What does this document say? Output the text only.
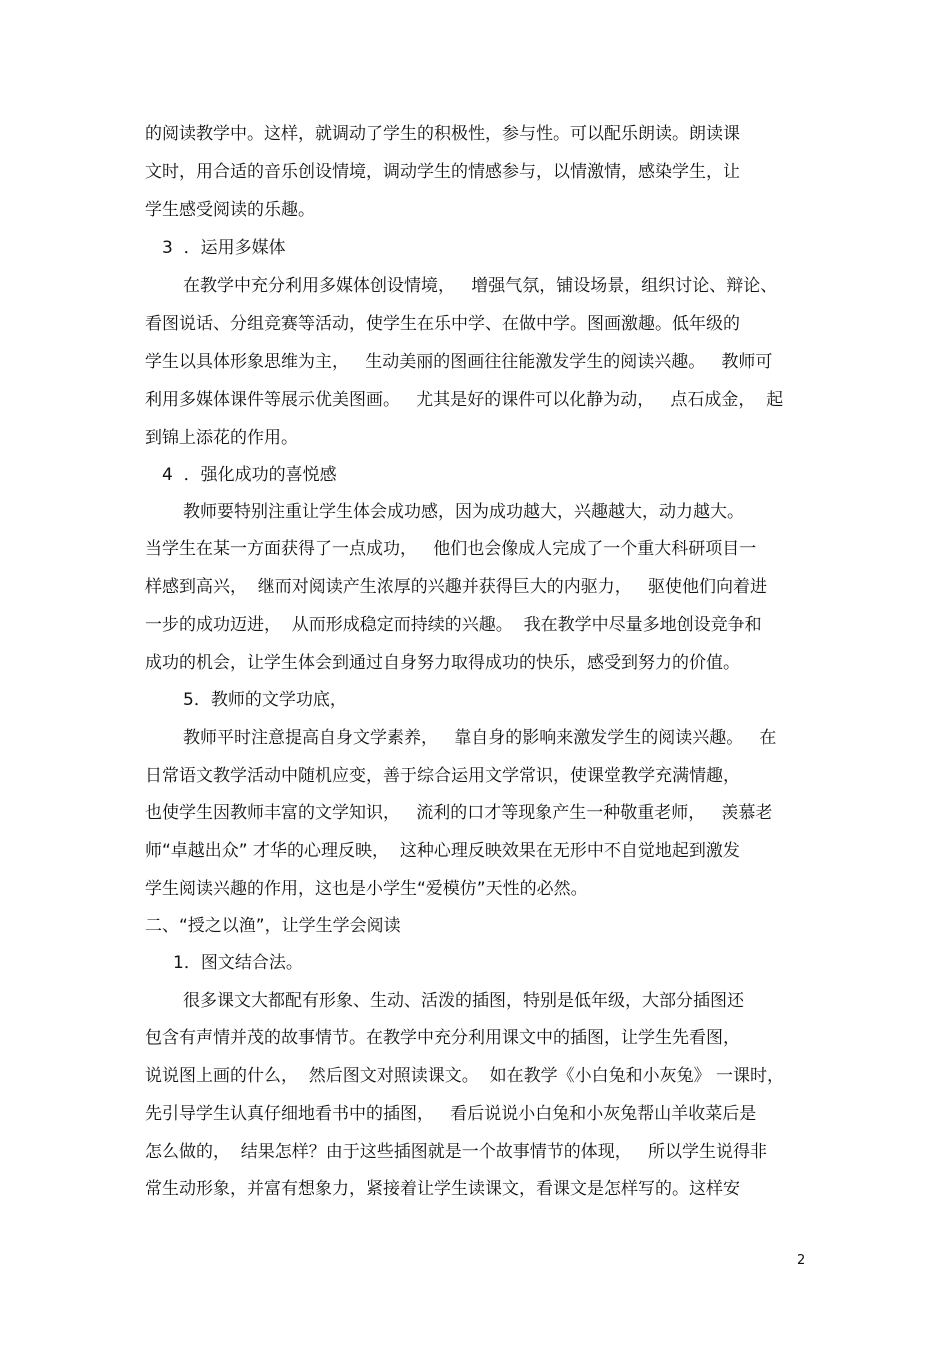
的阅读教学中。这样，就调动了学生的积极性，参与性。可以配乐朗读。朗读课

文时，用合适的音乐创设情境，调动学生的情感参与，以情激情，感染学生，让

学生感受阅读的乐趣。

3  ．运用多媒体

在教学中充分利用多媒体创设情境，   增强气氛，铺设场景，组织讨论、辩论、

看图说话、分组竞赛等活动，使学生在乐中学、在做中学。图画激趣。低年级的

学生以具体形象思维为主，   生动美丽的图画往往能激发学生的阅读兴趣。   教师可

利用多媒体课件等展示优美图画。   尤其是好的课件可以化静为动，   点石成金，  起

到锦上添花的作用。

4  ．强化成功的喜悦感

教师要特别注重让学生体会成功感，因为成功越大，兴趣越大，动力越大。

当学生在某一方面获得了一点成功，   他们也会像成人完成了一个重大科研项目一

样感到高兴，  继而对阅读产生浓厚的兴趣并获得巨大的内驱力，   驱使他们向着进

一步的成功迈进，  从而形成稳定而持续的兴趣。  我在教学中尽量多地创设竞争和

成功的机会，让学生体会到通过自身努力取得成功的快乐，感受到努力的价值。

5．教师的文学功底，

教师平时注意提高自身文学素养，   靠自身的影响来激发学生的阅读兴趣。   在

日常语文教学活动中随机应变，善于综合运用文学常识，使课堂教学充满情趣，

也使学生因教师丰富的文学知识，   流利的口才等现象产生一种敬重老师，   羡慕老

师“卓越出众” 才华的心理反映，  这种心理反映效果在无形中不自觉地起到激发

学生阅读兴趣的作用，这也是小学生“爱模仿”天性的必然。

二、“授之以渔”，让学生学会阅读

1．图文结合法。

很多课文大都配有形象、生动、活泼的插图，特别是低年级，大部分插图还

包含有声情并茂的故事情节。在教学中充分利用课文中的插图，让学生先看图，

说说图上画的什么，  然后图文对照读课文。  如在教学《小白兔和小灰兔》 一课时，

先引导学生认真仔细地看书中的插图，   看后说说小白兔和小灰兔帮山羊收菜后是

怎么做的，  结果怎样？由于这些插图就是一个故事情节的体现，   所以学生说得非

常生动形象，并富有想象力，紧接着让学生读课文，看课文是怎样写的。这样安

2
